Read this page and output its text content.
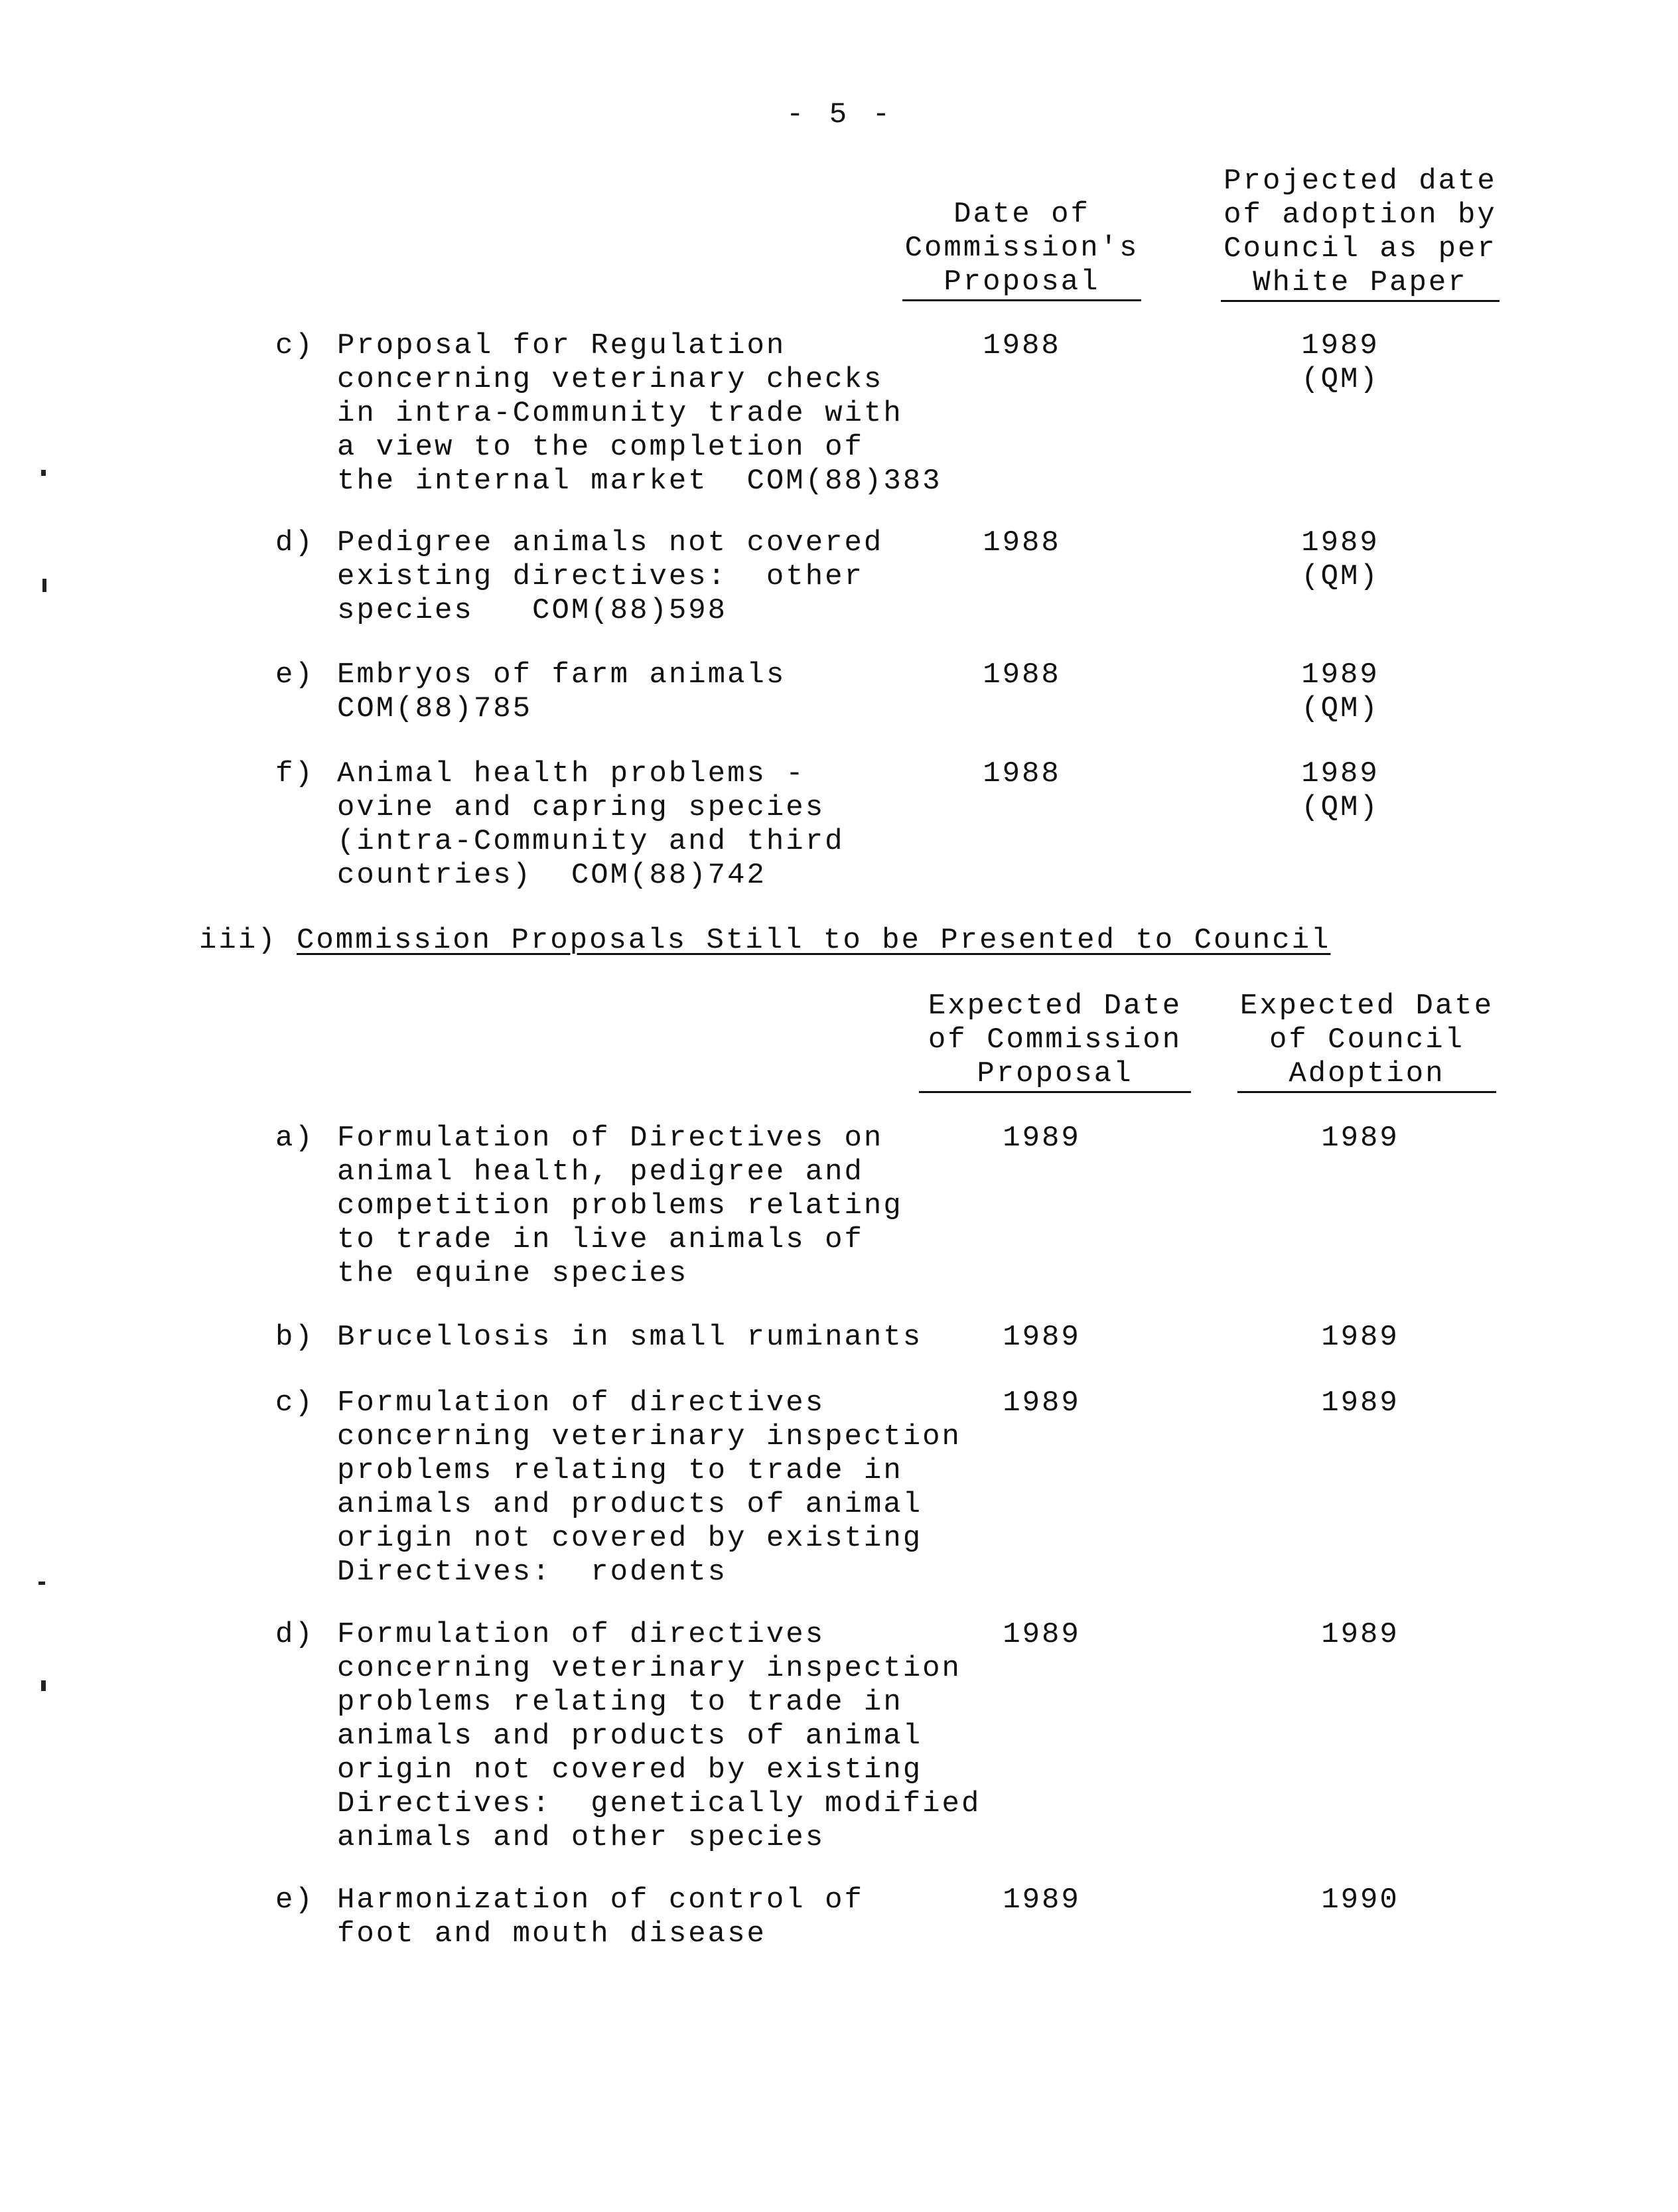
- 5 -
Date of
Commission's
Proposal
Projected date
of adoption by
Council as per
White Paper
c) Proposal for Regulation
concerning veterinary checks
in intra-Community trade with
a view to the completion of
the internal market  COM(88)383
1988	1989
(QM)
d) Pedigree animals not covered
existing directives:  other
species   COM(88)598
1988	1989
(QM)
e) Embryos of farm animals
COM(88)785
1988	1989
(QM)
f) Animal health problems -
ovine and capring species
(intra-Community and third
countries)  COM(88)742
1988	1989
(QM)
iii) Commission Proposals Still to be Presented to Council
Expected Date
of Commission
Proposal
Expected Date
of Council
Adoption
a) Formulation of Directives on
animal health, pedigree and
competition problems relating
to trade in live animals of
the equine species
1989	1989
b) Brucellosis in small ruminants	1989	1989
c) Formulation of directives
concerning veterinary inspection
problems relating to trade in
animals and products of animal
origin not covered by existing
Directives:  rodents
1989	1989
d) Formulation of directives
concerning veterinary inspection
problems relating to trade in
animals and products of animal
origin not covered by existing
Directives:  genetically modified
animals and other species
1989	1989
e) Harmonization of control of
foot and mouth disease
1989	1990
